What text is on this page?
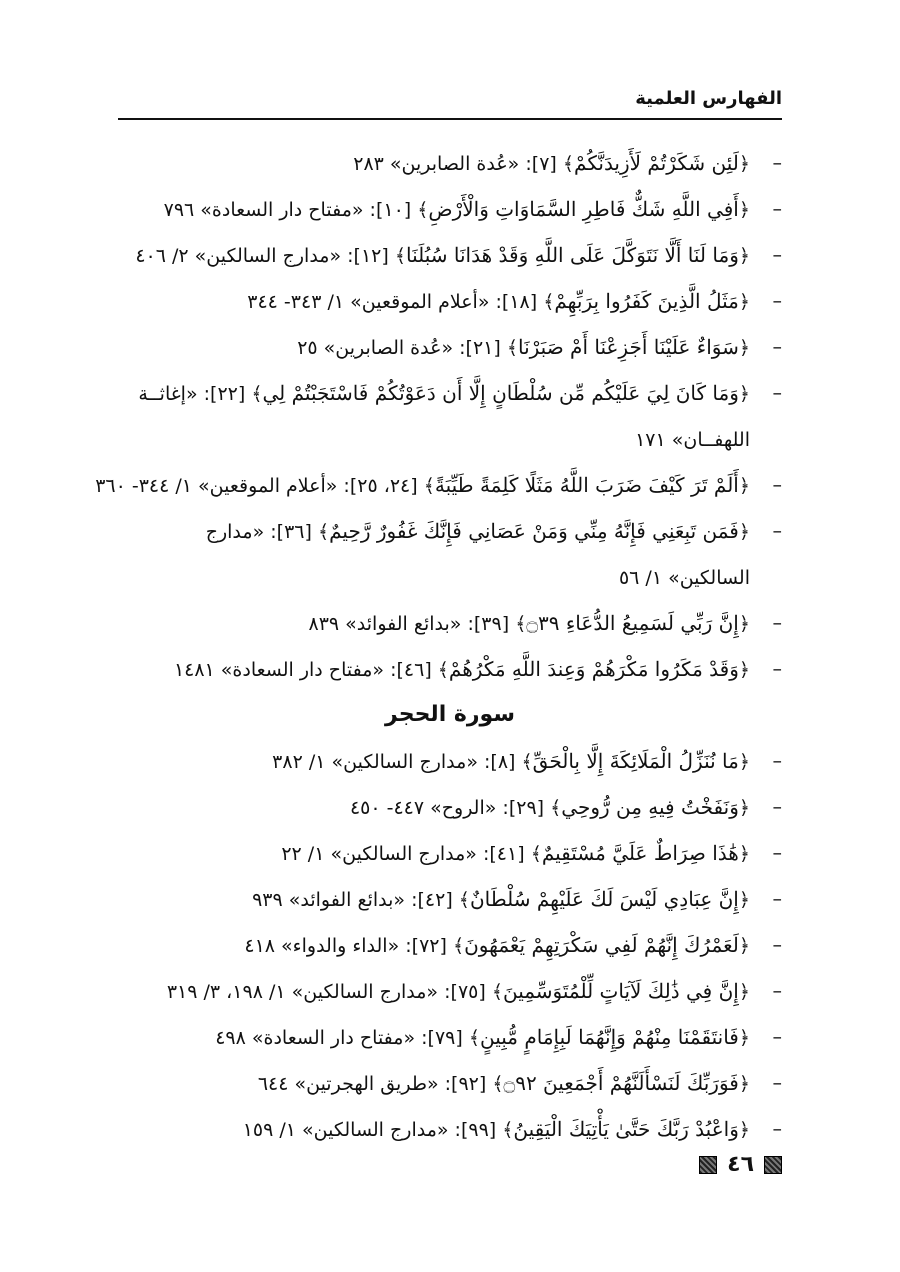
الفهارس العلمية
–
﴿لَئِن شَكَرْتُمْ لَأَزِيدَنَّكُمْ﴾ [٧]: «عُدة الصابرين» ٢٨٣
–
﴿أَفِي اللَّهِ شَكٌّ فَاطِرِ السَّمَاوَاتِ وَالْأَرْضِ﴾ [١٠]: «مفتاح دار السعادة» ٧٩٦
–
﴿وَمَا لَنَا أَلَّا نَتَوَكَّلَ عَلَى اللَّهِ وَقَدْ هَدَانَا سُبُلَنَا﴾ [١٢]: «مدارج السالكين» ٢/ ٤٠٦
–
﴿مَثَلُ الَّذِينَ كَفَرُوا بِرَبِّهِمْ﴾ [١٨]: «أعلام الموقعين» ١/ ٣٤٣- ٣٤٤
–
﴿سَوَاءٌ عَلَيْنَا أَجَزِعْنَا أَمْ صَبَرْنَا﴾ [٢١]: «عُدة الصابرين» ٢٥
–
﴿وَمَا كَانَ لِيَ عَلَيْكُم مِّن سُلْطَانٍ إِلَّا أَن دَعَوْتُكُمْ فَاسْتَجَبْتُمْ لِي﴾ [٢٢]: «إغاثــة اللهفــان» ١٧١
–
﴿أَلَمْ تَرَ كَيْفَ ضَرَبَ اللَّهُ مَثَلًا كَلِمَةً طَيِّبَةً﴾ [٢٤، ٢٥]: «أعلام الموقعين» ١/ ٣٤٤- ٣٦٠
–
﴿فَمَن تَبِعَنِي فَإِنَّهُ مِنِّي وَمَنْ عَصَانِي فَإِنَّكَ غَفُورٌ رَّحِيمٌ﴾ [٣٦]: «مدارج السالكين» ١/ ٥٦
–
﴿إِنَّ رَبِّي لَسَمِيعُ الدُّعَاءِ ۝٣٩﴾ [٣٩]: «بدائع الفوائد» ٨٣٩
–
﴿وَقَدْ مَكَرُوا مَكْرَهُمْ وَعِندَ اللَّهِ مَكْرُهُمْ﴾ [٤٦]: «مفتاح دار السعادة» ١٤٨١
سورة الحجر
–
﴿مَا نُنَزِّلُ الْمَلَائِكَةَ إِلَّا بِالْحَقِّ﴾ [٨]: «مدارج السالكين» ١/ ٣٨٢
–
﴿وَنَفَخْتُ فِيهِ مِن رُّوحِي﴾ [٢٩]: «الروح» ٤٤٧- ٤٥٠
–
﴿هَٰذَا صِرَاطٌ عَلَيَّ مُسْتَقِيمٌ﴾ [٤١]: «مدارج السالكين» ١/ ٢٢
–
﴿إِنَّ عِبَادِي لَيْسَ لَكَ عَلَيْهِمْ سُلْطَانٌ﴾ [٤٢]: «بدائع الفوائد» ٩٣٩
–
﴿لَعَمْرُكَ إِنَّهُمْ لَفِي سَكْرَتِهِمْ يَعْمَهُونَ﴾ [٧٢]: «الداء والدواء» ٤١٨
–
﴿إِنَّ فِي ذَٰلِكَ لَآيَاتٍ لِّلْمُتَوَسِّمِينَ﴾ [٧٥]: «مدارج السالكين» ١/ ١٩٨، ٣/ ٣١٩
–
﴿فَانتَقَمْنَا مِنْهُمْ وَإِنَّهُمَا لَبِإِمَامٍ مُّبِينٍ﴾ [٧٩]: «مفتاح دار السعادة» ٤٩٨
–
﴿فَوَرَبِّكَ لَنَسْأَلَنَّهُمْ أَجْمَعِينَ ۝٩٢﴾ [٩٢]: «طريق الهجرتين» ٦٤٤
–
﴿وَاعْبُدْ رَبَّكَ حَتَّىٰ يَأْتِيَكَ الْيَقِينُ﴾ [٩٩]: «مدارج السالكين» ١/ ١٥٩
٤٦
